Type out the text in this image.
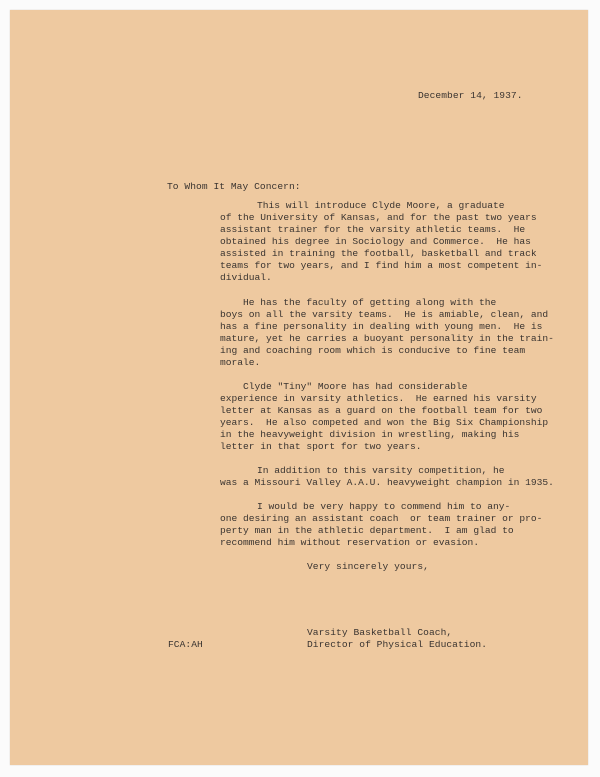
December 14, 1937.
To Whom It May Concern:
This will introduce Clyde Moore, a graduate
of the University of Kansas, and for the past two years
assistant trainer for the varsity athletic teams.  He
obtained his degree in Sociology and Commerce.  He has
assisted in training the football, basketball and track
teams for two years, and I find him a most competent in-
dividual.
He has the faculty of getting along with the
boys on all the varsity teams.  He is amiable, clean, and
has a fine personality in dealing with young men.  He is
mature, yet he carries a buoyant personality in the train-
ing and coaching room which is conducive to fine team
morale.
Clyde "Tiny" Moore has had considerable
experience in varsity athletics.  He earned his varsity
letter at Kansas as a guard on the football team for two
years.  He also competed and won the Big Six Championship
in the heavyweight division in wrestling, making his
letter in that sport for two years.
In addition to this varsity competition, he
was a Missouri Valley A.A.U. heavyweight champion in 1935.
I would be very happy to commend him to any-
one desiring an assistant coach  or team trainer or pro-
perty man in the athletic department.  I am glad to
recommend him without reservation or evasion.
Very sincerely yours,
FCA:AH
Varsity Basketball Coach,
Director of Physical Education.
